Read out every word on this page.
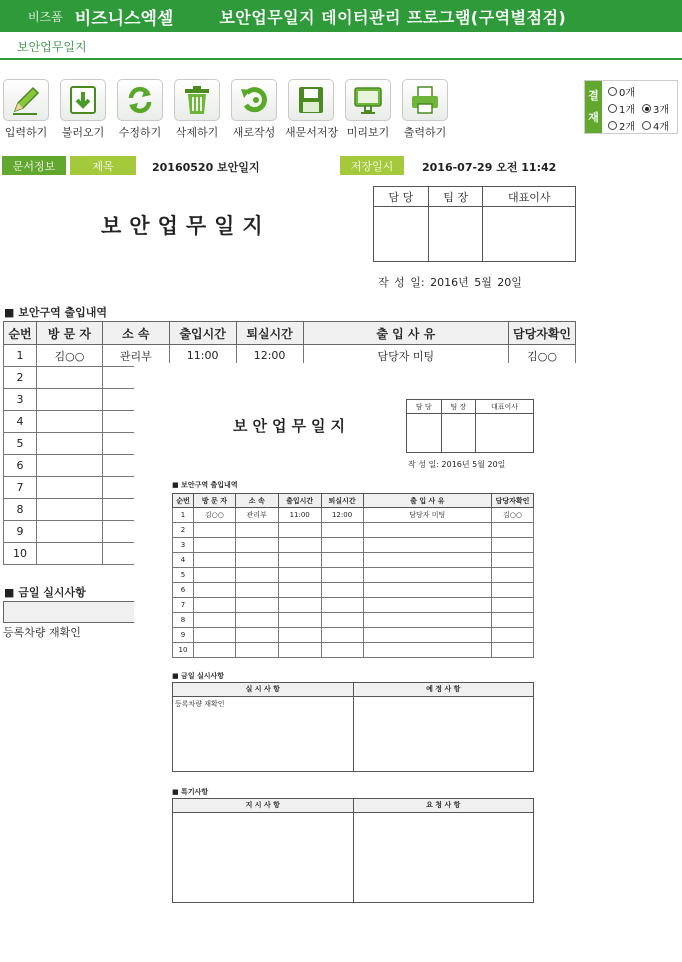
비즈폼 비즈니스엑셀	보안업무일지 데이터관리 프로그램(구역별점검)
보안업무일지
입력하기	불러오기	수정하기	삭제하기	새로작성 새문서저장 미리보기	출력하기
결
재
0개
1개 3개
2개 4개
문서정보	제목	20160520 보안일지	저장일시	2016-07-29 오전 11:42
보안업무일지
담 당	팀 장	대표이사

작 성 일: 2016년 5월 20일
■ 보안구역 출입내역
순번	방 문 자	소 속	출입시간	퇴실시간	출 입 사 유	담당자확인
1	김○○	관리부	11:00	12:00	담당자 미팅	김○○
2						
3						
4						
5						
6						
7						
8						
9						
10						
■ 금일 실시사항
등록차량 재확인
보안업무일지
담 당	팀 장	대표이사

작 성 일: 2016년 5월 20일
■ 보안구역 출입내역
순번	방 문 자	소 속	출입시간	퇴실시간	출 입 사 유	담당자확인
1	김○○	관리부	11:00	12:00	담당자 미팅	김○○
2						
3						
4						
5						
6						
7						
8						
9						
10						
■ 금일 실시사항
실 시 사 항	예 정 사 항
등록차량 재확인
■ 특기사항
지 시 사 항	요 청 사 항
